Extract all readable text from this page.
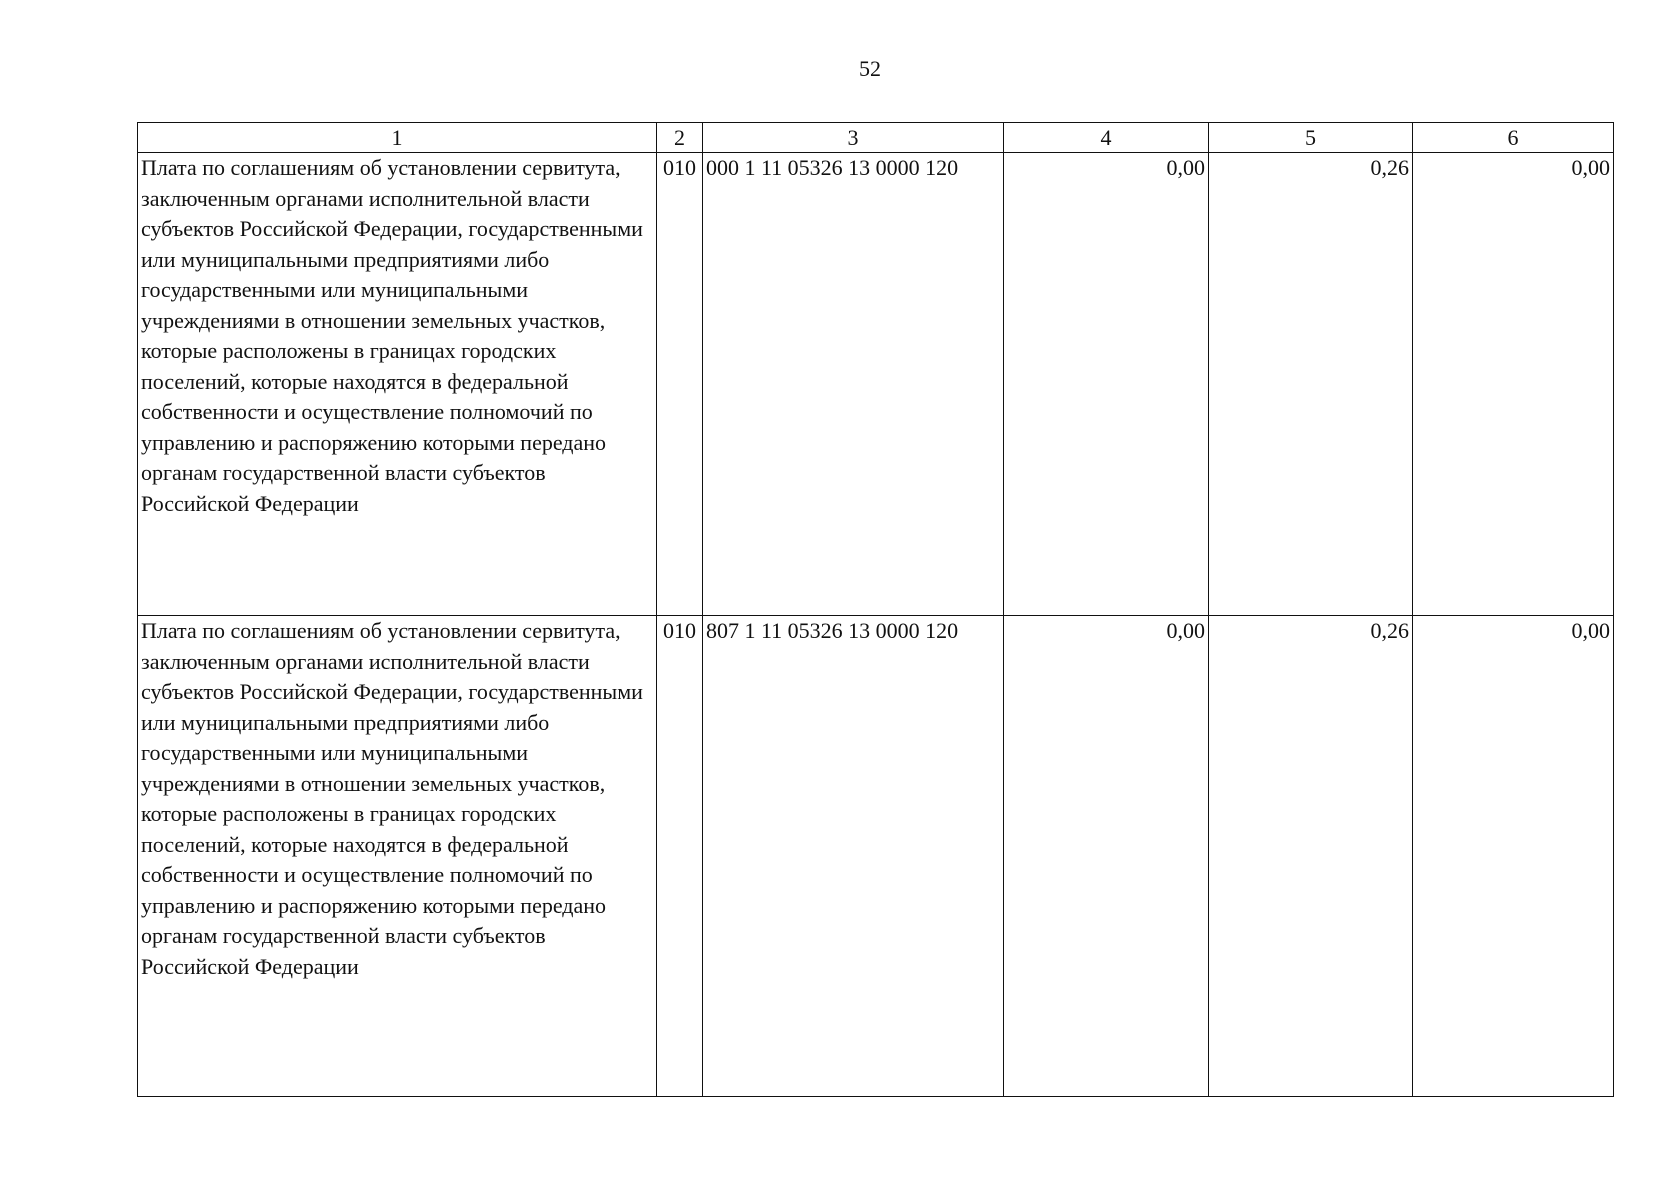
52
1	2	3	4	5	6
Плата по соглашениям об установлении сервитута, заключенным органами исполнительной власти субъектов Российской Федерации, государственными или муниципальными предприятиями либо государственными или муниципальными учреждениями в отношении земельных участков, которые расположены в границах городских поселений, которые находятся в федеральной собственности и осуществление полномочий по управлению и распоряжению которыми передано органам государственной власти субъектов Российской Федерации	010	000 1 11 05326 13 0000 120	0,00	0,26	0,00
Плата по соглашениям об установлении сервитута, заключенным органами исполнительной власти субъектов Российской Федерации, государственными или муниципальными предприятиями либо государственными или муниципальными учреждениями в отношении земельных участков, которые расположены в границах городских поселений, которые находятся в федеральной собственности и осуществление полномочий по управлению и распоряжению которыми передано органам государственной власти субъектов Российской Федерации	010	807 1 11 05326 13 0000 120	0,00	0,26	0,00
